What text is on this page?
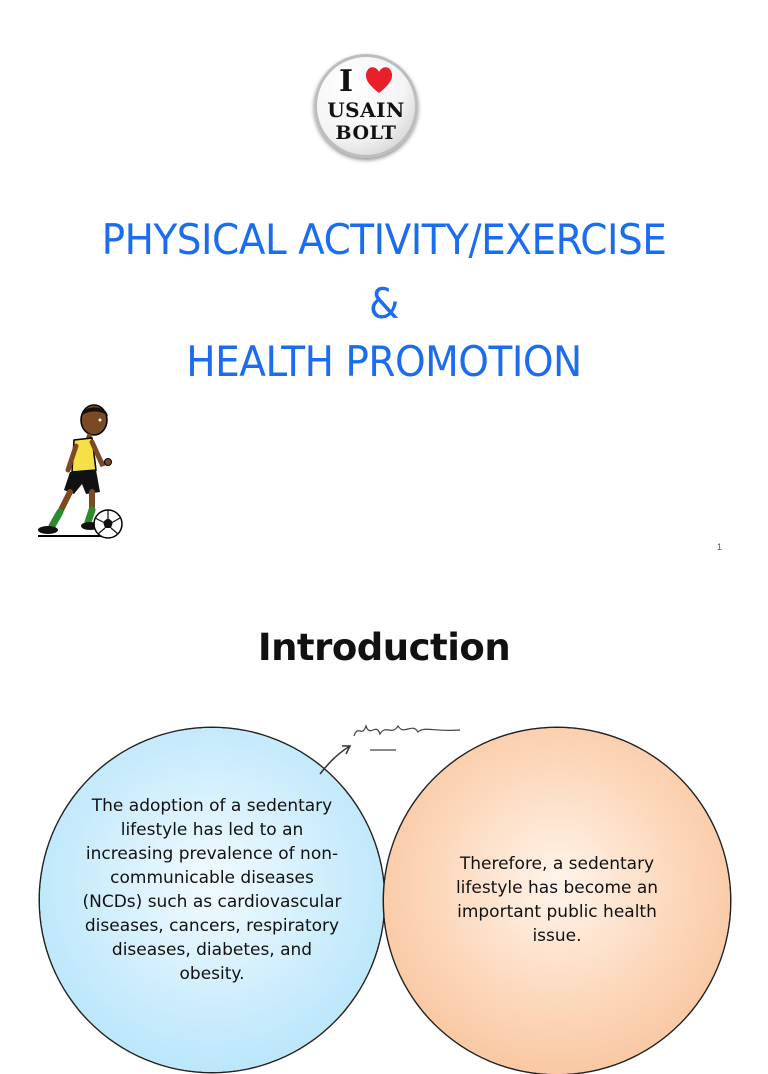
I
USAIN
BOLT
PHYSICAL ACTIVITY/EXERCISE
&
HEALTH PROMOTION
1
Introduction
The adoption of a sedentary lifestyle has led to an increasing prevalence of non-communicable diseases (NCDs) such as cardiovascular diseases, cancers, respiratory diseases, diabetes, and obesity.
Therefore, a sedentary lifestyle has become an important public health issue.
